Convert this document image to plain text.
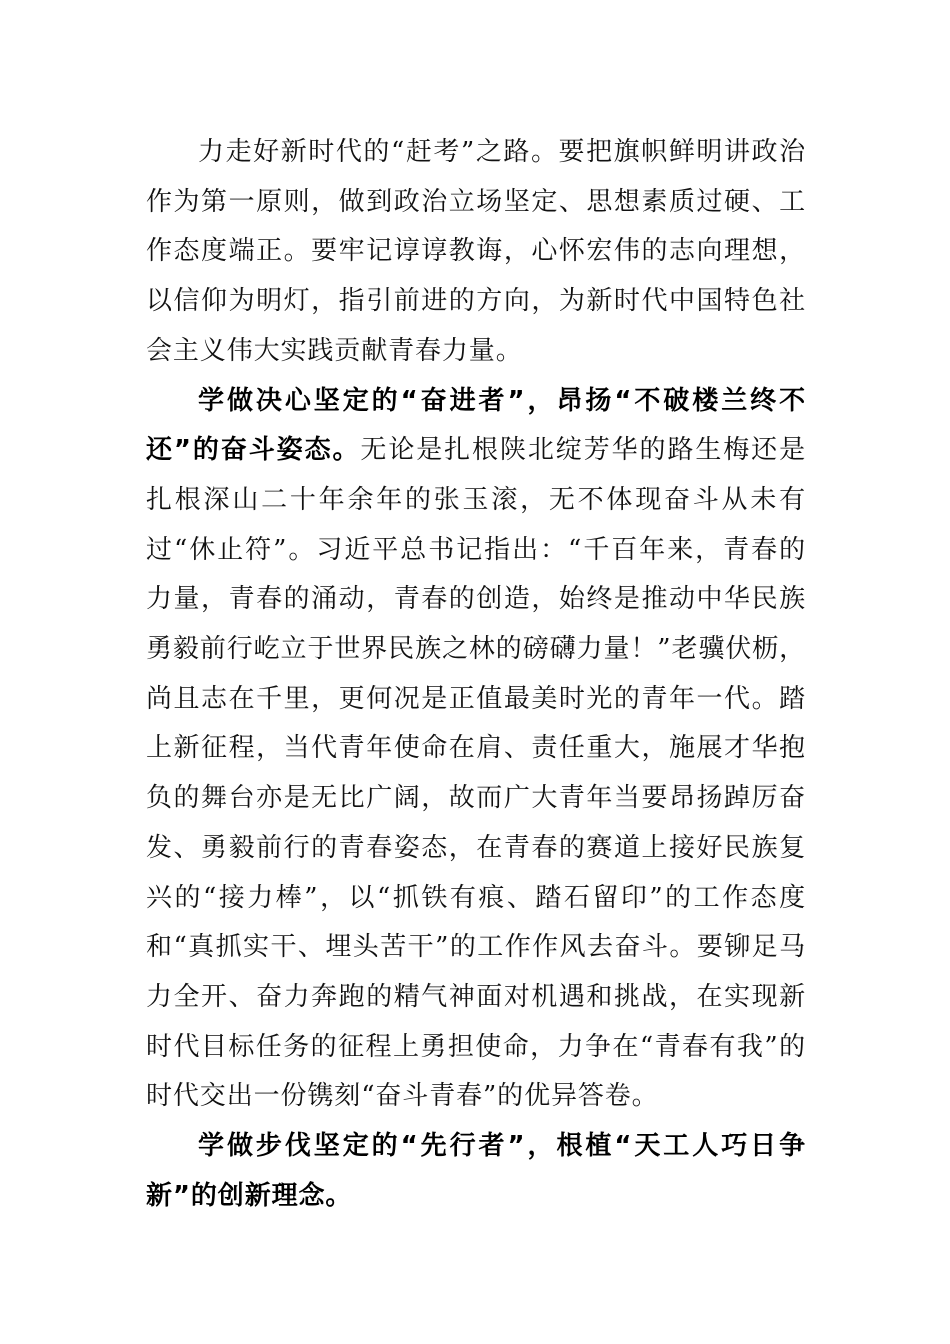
力走好新时代的“赶考”之路。要把旗帜鲜明讲政治作为第一原则，做到政治立场坚定、思想素质过硬、工作态度端正。要牢记谆谆教诲，心怀宏伟的志向理想，以信仰为明灯，指引前进的方向，为新时代中国特色社会主义伟大实践贡献青春力量。

学做决心坚定的“奋进者”，昂扬“不破楼兰终不还”的奋斗姿态。无论是扎根陕北绽芳华的路生梅还是扎根深山二十年余年的张玉滚，无不体现奋斗从未有过“休止符”。习近平总书记指出：“千百年来，青春的力量，青春的涌动，青春的创造，始终是推动中华民族勇毅前行屹立于世界民族之林的磅礴力量！”老骥伏枥，尚且志在千里，更何况是正值最美时光的青年一代。踏上新征程，当代青年使命在肩、责任重大，施展才华抱负的舞台亦是无比广阔，故而广大青年当要昂扬踔厉奋发、勇毅前行的青春姿态，在青春的赛道上接好民族复兴的“接力棒”，以“抓铁有痕、踏石留印”的工作态度和“真抓实干、埋头苦干”的工作作风去奋斗。要铆足马力全开、奋力奔跑的精气神面对机遇和挑战，在实现新时代目标任务的征程上勇担使命，力争在“青春有我”的时代交出一份镌刻“奋斗青春”的优异答卷。

学做步伐坚定的“先行者”，根植“天工人巧日争新”的创新理念。
